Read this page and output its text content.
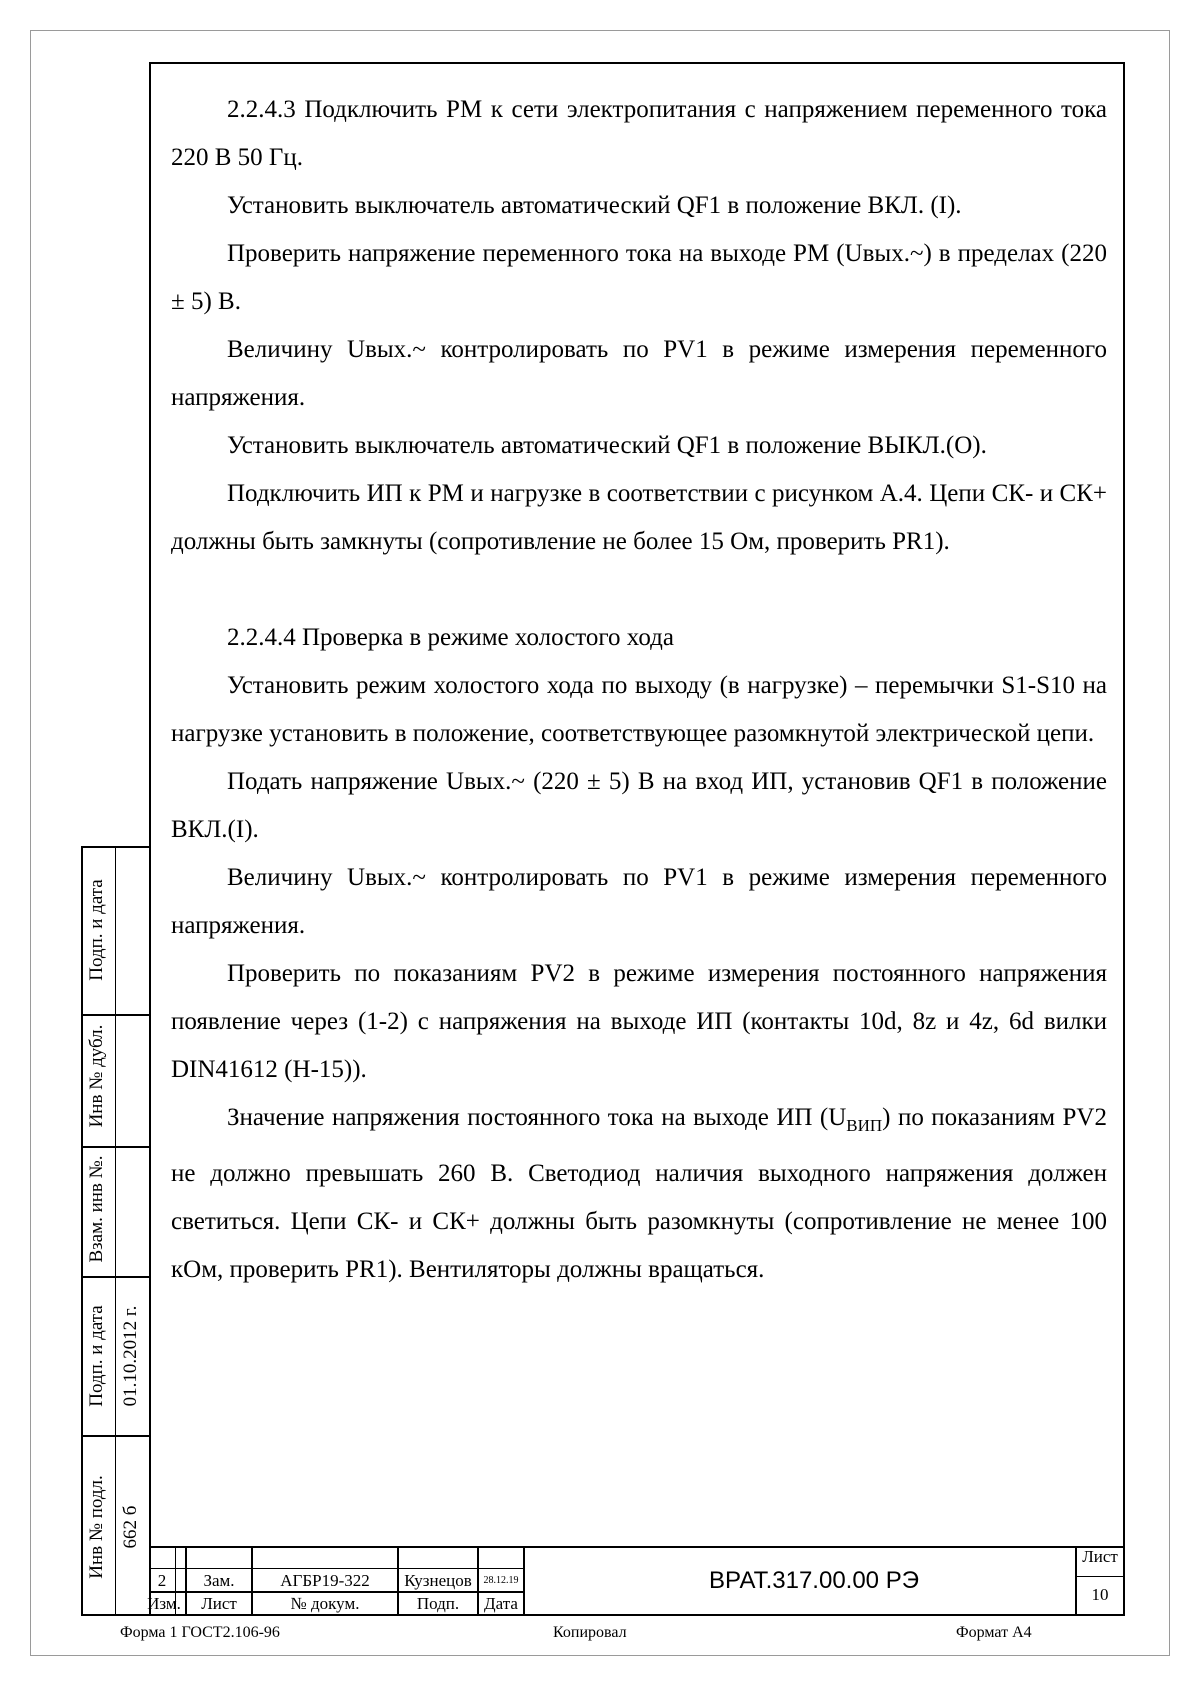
2.2.4.3 Подключить РМ к сети электропитания с напряжением переменного тока 220 В 50 Гц.

Установить выключатель автоматический QF1 в положение ВКЛ. (I).

Проверить напряжение переменного тока на выходе РМ (Uвых.~) в пределах (220 ± 5) В.

Величину Uвых.~ контролировать по PV1 в режиме измерения переменного напряжения.

Установить выключатель автоматический QF1 в положение ВЫКЛ.(О).

Подключить ИП к РМ и нагрузке в соответствии с рисунком А.4. Цепи СК- и СК+ должны быть замкнуты (сопротивление не более 15 Ом, проверить PR1).

2.2.4.4 Проверка в режиме холостого хода

Установить режим холостого хода по выходу (в нагрузке) – перемычки S1-S10 на нагрузке установить в положение, соответствующее разомкнутой электрической цепи.

Подать напряжение Uвых.~ (220 ± 5) В на вход ИП, установив QF1 в положение ВКЛ.(I).

Величину Uвых.~ контролировать по PV1 в режиме измерения переменного напряжения.

Проверить по показаниям PV2 в режиме измерения постоянного напряжения появление через (1-2) с напряжения на выходе ИП (контакты 10d, 8z и 4z, 6d вилки DIN41612 (Н-15)).

Значение напряжения постоянного тока на выходе ИП $(U_{ВИП})$ по показаниям PV2 не должно превышать 260 В. Светодиод наличия выходного напряжения должен светиться. Цепи СК- и СК+ должны быть разомкнуты (сопротивление не менее 100 кОм, проверить PR1). Вентиляторы должны вращаться.

Подп. и дата
Инв № дубл.
Взам. инв №.
Подп. и дата
Инв № подл.
01.10.2012 г.
662 б
2	Зам.	АГБР19-322	Кузнецов	28.12.19
Изм.	Лист	№ докум.	Подп.	Дата
ВРАТ.317.00.00 РЭ
Лист
10
Форма 1 ГОСТ2.106-96	Копировал	Формат А4
